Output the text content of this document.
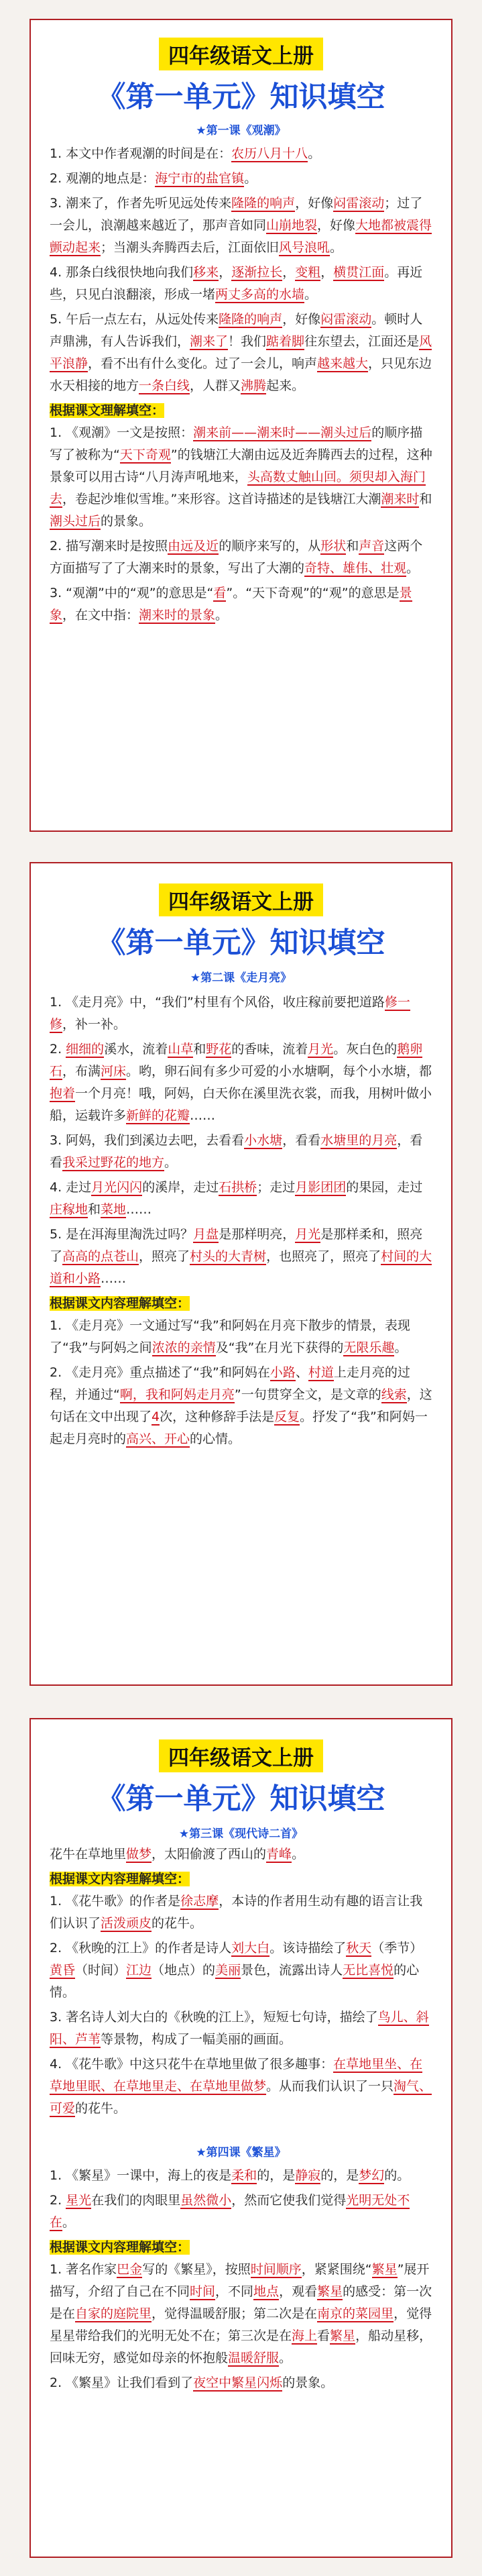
四年级语文上册
《第一单元》知识填空
★第一课《观潮》
1. 本文中作者观潮的时间是在：农历八月十八。
2. 观潮的地点是：海宁市的盐官镇。
3. 潮来了，作者先听见远处传来隆隆的响声，好像闷雷滚动；过了一会儿，浪潮越来越近了，那声音如同山崩地裂，好像大地都被震得颤动起来；当潮头奔腾西去后，江面依旧风号浪吼。
4. 那条白线很快地向我们移来，逐渐拉长，变粗，横贯江面。再近些，只见白浪翻滚，形成一堵两丈多高的水墙。
5. 午后一点左右，从远处传来隆隆的响声，好像闷雷滚动。顿时人声鼎沸，有人告诉我们，潮来了！我们踮着脚往东望去，江面还是风平浪静，看不出有什么变化。过了一会儿，响声越来越大，只见东边水天相接的地方一条白线，人群又沸腾起来。
根据课文理解填空：
1. 《观潮》一文是按照：潮来前——潮来时——潮头过后的顺序描写了被称为“天下奇观”的钱塘江大潮由远及近奔腾西去的过程，这种景象可以用古诗“八月涛声吼地来，头高数丈触山回。须臾却入海门去，卷起沙堆似雪堆。”来形容。这首诗描述的是钱塘江大潮潮来时和潮头过后的景象。
2. 描写潮来时是按照由远及近的顺序来写的，从形状和声音这两个方面描写了了大潮来时的景象，写出了大潮的奇特、雄伟、壮观。
3. “观潮”中的“观”的意思是“看”。“天下奇观”的“观”的意思是景象，在文中指：潮来时的景象。
四年级语文上册
《第一单元》知识填空
★第二课《走月亮》
1. 《走月亮》中，“我们”村里有个风俗，收庄稼前要把道路修一修，补一补。
2. 细细的溪水，流着山草和野花的香味，流着月光。灰白色的鹅卵石，布满河床。哟，卵石间有多少可爱的小水塘啊，每个小水塘，都抱着一个月亮！哦，阿妈，白天你在溪里洗衣裳，而我，用树叶做小船，运载许多新鲜的花瓣……
3. 阿妈，我们到溪边去吧，去看看小水塘，看看水塘里的月亮，看看我采过野花的地方。
4. 走过月光闪闪的溪岸，走过石拱桥；走过月影团团的果园，走过庄稼地和菜地……
5. 是在洱海里淘洗过吗？月盘是那样明亮，月光是那样柔和，照亮了高高的点苍山，照亮了村头的大青树，也照亮了，照亮了村间的大道和小路……
根据课文内容理解填空：
1. 《走月亮》一文通过写“我”和阿妈在月亮下散步的情景，表现了“我”与阿妈之间浓浓的亲情及“我”在月光下获得的无限乐趣。
2. 《走月亮》重点描述了“我”和阿妈在小路、村道上走月亮的过程，并通过“啊，我和阿妈走月亮”一句贯穿全文，是文章的线索，这句话在文中出现了4次，这种修辞手法是反复。抒发了“我”和阿妈一起走月亮时的高兴、开心的心情。
四年级语文上册
《第一单元》知识填空
★第三课《现代诗二首》
花牛在草地里做梦，太阳偷渡了西山的青峰。
根据课文内容理解填空：
1. 《花牛歌》的作者是徐志摩，本诗的作者用生动有趣的语言让我们认识了活泼顽皮的花牛。
2. 《秋晚的江上》的作者是诗人刘大白。该诗描绘了秋天（季节）黄昏（时间）江边（地点）的美丽景色，流露出诗人无比喜悦的心情。
3. 著名诗人刘大白的《秋晚的江上》，短短七句诗，描绘了鸟儿、斜阳、芦苇等景物，构成了一幅美丽的画面。
4. 《花牛歌》中这只花牛在草地里做了很多趣事：在草地里坐、在草地里眠、在草地里走、在草地里做梦。从而我们认识了一只淘气、可爱的花牛。
★第四课《繁星》
1. 《繁星》一课中，海上的夜是柔和的，是静寂的，是梦幻的。
2. 星光在我们的肉眼里虽然微小，然而它使我们觉得光明无处不在。
根据课文内容理解填空：
1. 著名作家巴金写的《繁星》，按照时间顺序，紧紧围绕“繁星”展开描写，介绍了自己在不同时间，不同地点，观看繁星的感受：第一次是在自家的庭院里，觉得温暖舒服；第二次是在南京的菜园里，觉得星星带给我们的光明无处不在；第三次是在海上看繁星，船动星移，回味无穷，感觉如母亲的怀抱般温暖舒服。
2. 《繁星》让我们看到了夜空中繁星闪烁的景象。
